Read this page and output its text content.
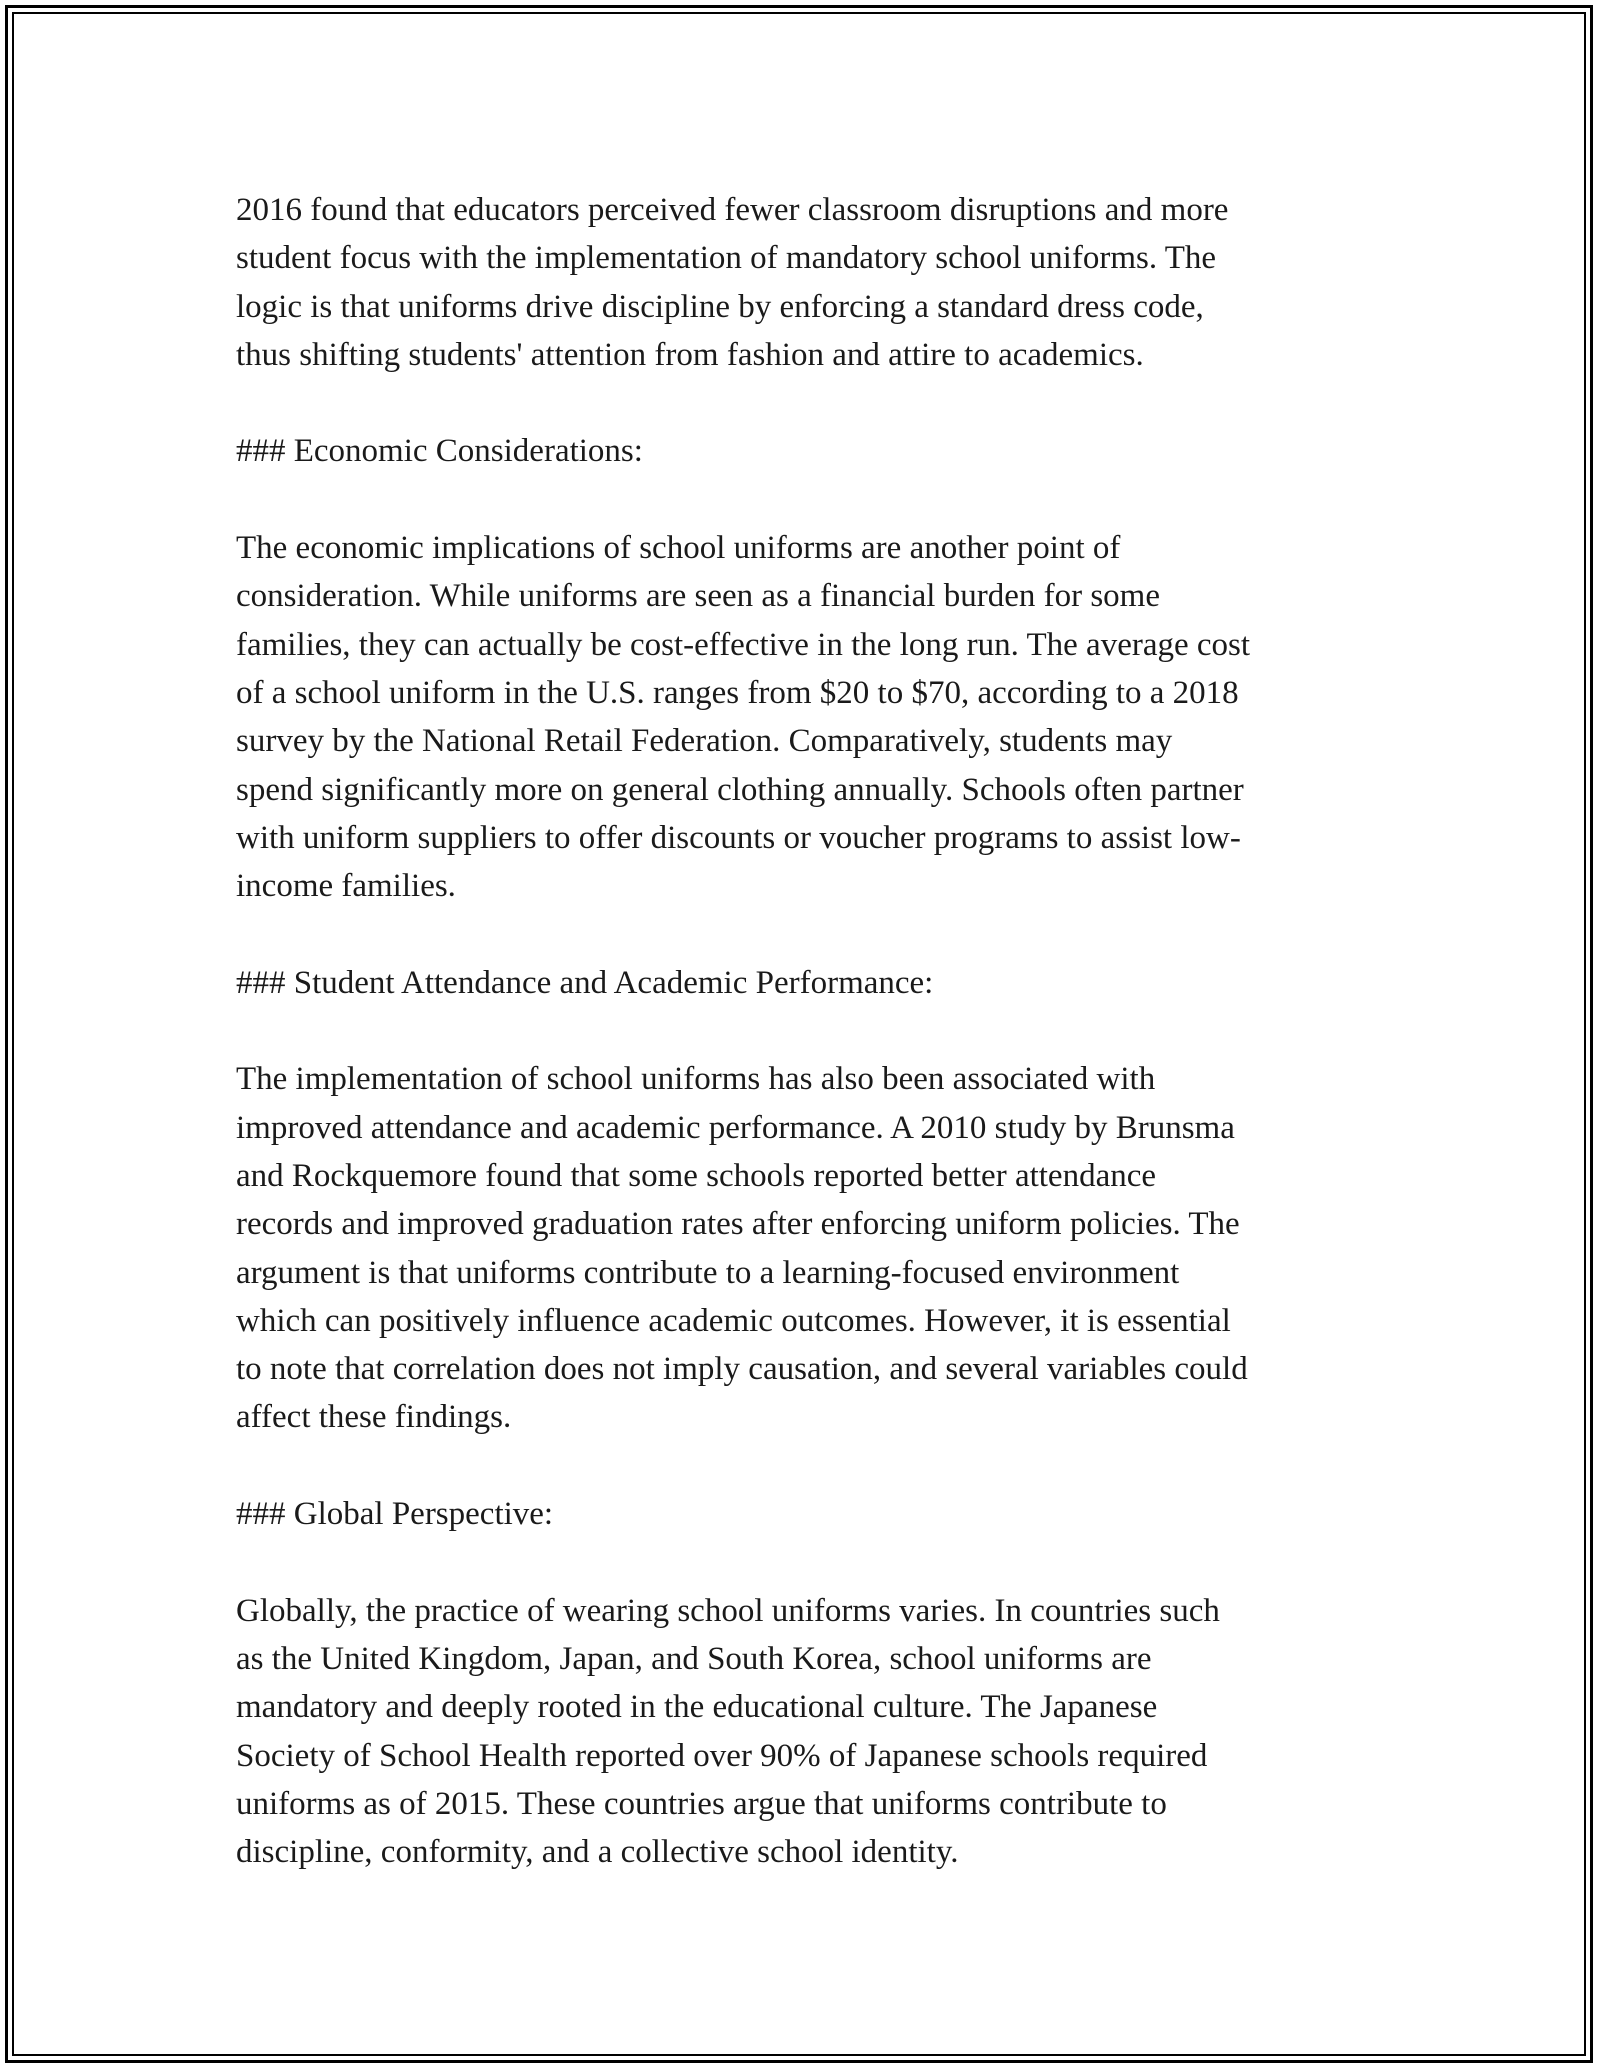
2016 found that educators perceived fewer classroom disruptions and more
student focus with the implementation of mandatory school uniforms. The
logic is that uniforms drive discipline by enforcing a standard dress code,
thus shifting students' attention from fashion and attire to academics.

### Economic Considerations:

The economic implications of school uniforms are another point of
consideration. While uniforms are seen as a financial burden for some
families, they can actually be cost-effective in the long run. The average cost
of a school uniform in the U.S. ranges from $20 to $70, according to a 2018
survey by the National Retail Federation. Comparatively, students may
spend significantly more on general clothing annually. Schools often partner
with uniform suppliers to offer discounts or voucher programs to assist low-
income families.

### Student Attendance and Academic Performance:

The implementation of school uniforms has also been associated with
improved attendance and academic performance. A 2010 study by Brunsma
and Rockquemore found that some schools reported better attendance
records and improved graduation rates after enforcing uniform policies. The
argument is that uniforms contribute to a learning-focused environment
which can positively influence academic outcomes. However, it is essential
to note that correlation does not imply causation, and several variables could
affect these findings.

### Global Perspective:

Globally, the practice of wearing school uniforms varies. In countries such
as the United Kingdom, Japan, and South Korea, school uniforms are
mandatory and deeply rooted in the educational culture. The Japanese
Society of School Health reported over 90% of Japanese schools required
uniforms as of 2015. These countries argue that uniforms contribute to
discipline, conformity, and a collective school identity.
